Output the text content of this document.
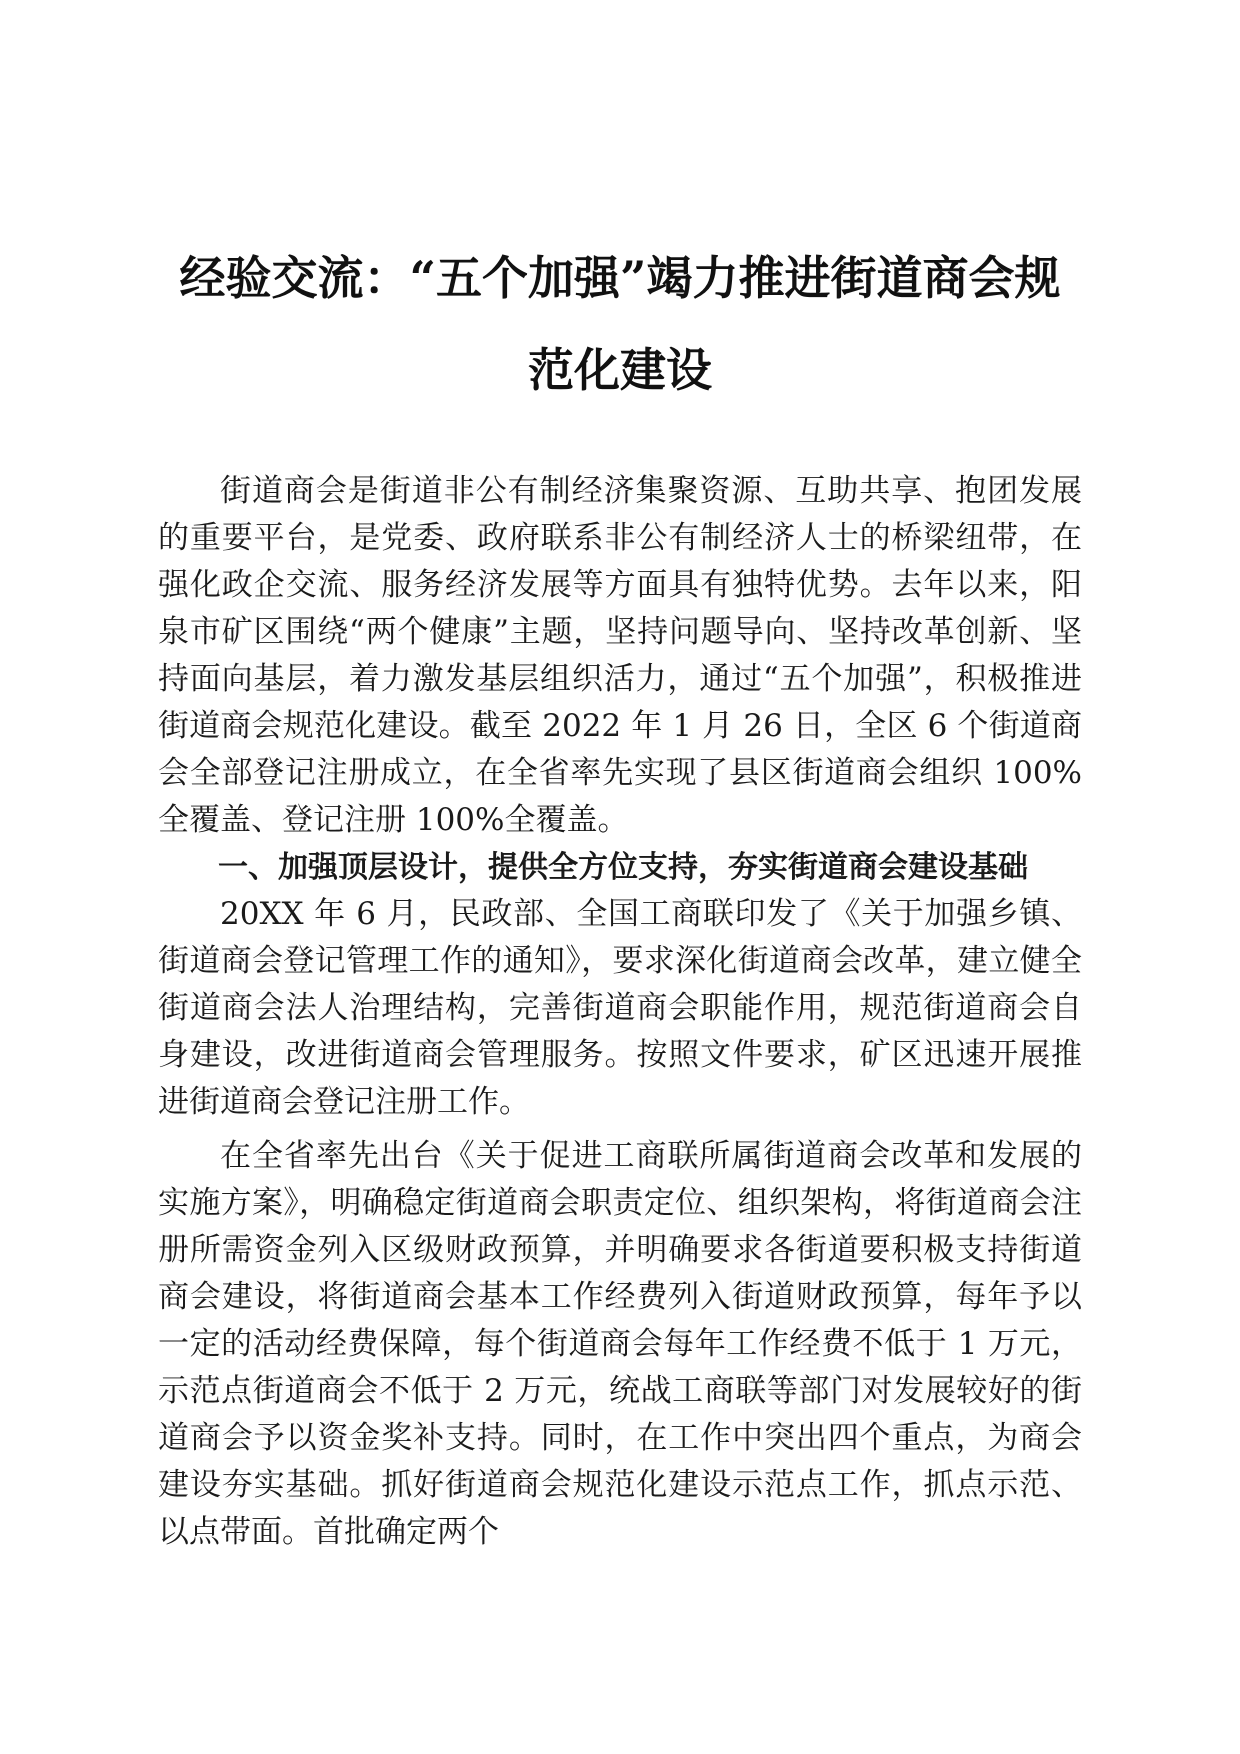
经验交流：“五个加强”竭力推进街道商会规
范化建设

街道商会是街道非公有制经济集聚资源、互助共享、抱团发展的重要平台，是党委、政府联系非公有制经济人士的桥梁纽带，在强化政企交流、服务经济发展等方面具有独特优势。去年以来，阳泉市矿区围绕“两个健康”主题，坚持问题导向、坚持改革创新、坚持面向基层，着力激发基层组织活力，通过“五个加强”，积极推进街道商会规范化建设。截至 2022 年 1 月 26 日，全区 6 个街道商会全部登记注册成立，在全省率先实现了县区街道商会组织 100%全覆盖、登记注册 100%全覆盖。

一、加强顶层设计，提供全方位支持，夯实街道商会建设基础

20XX 年 6 月，民政部、全国工商联印发了《关于加强乡镇、街道商会登记管理工作的通知》，要求深化街道商会改革，建立健全街道商会法人治理结构，完善街道商会职能作用，规范街道商会自身建设，改进街道商会管理服务。按照文件要求，矿区迅速开展推进街道商会登记注册工作。

在全省率先出台《关于促进工商联所属街道商会改革和发展的实施方案》，明确稳定街道商会职责定位、组织架构，将街道商会注册所需资金列入区级财政预算，并明确要求各街道要积极支持街道商会建设，将街道商会基本工作经费列入街道财政预算，每年予以一定的活动经费保障，每个街道商会每年工作经费不低于 1 万元，示范点街道商会不低于 2 万元，统战工商联等部门对发展较好的街道商会予以资金奖补支持。同时，在工作中突出四个重点，为商会建设夯实基础。抓好街道商会规范化建设示范点工作，抓点示范、以点带面。首批确定两个
